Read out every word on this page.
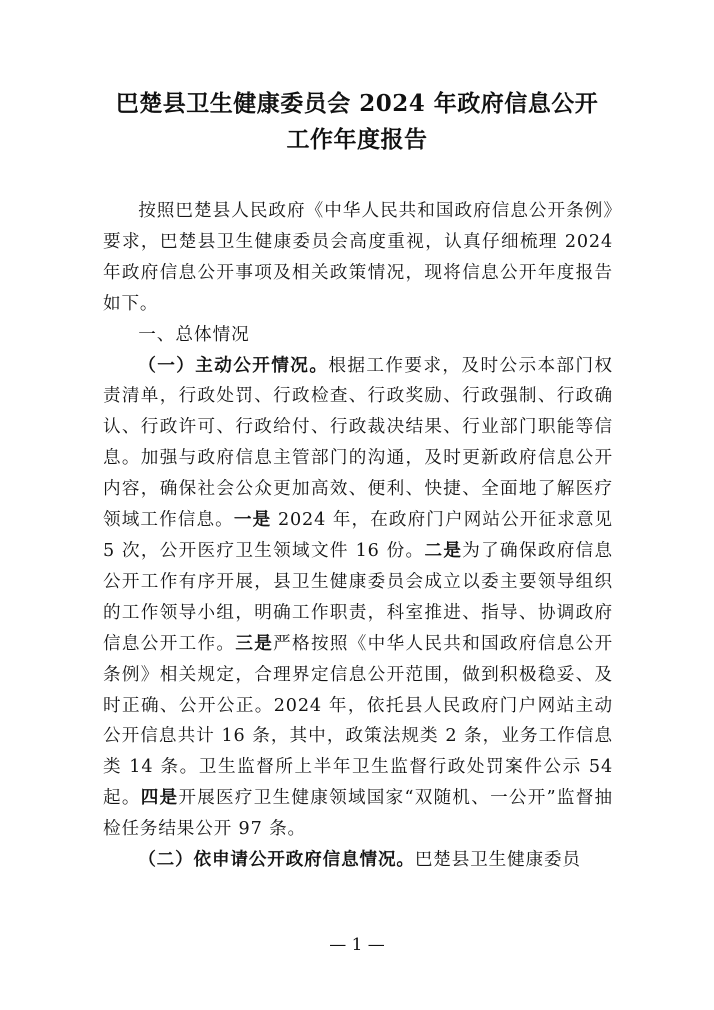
巴楚县卫生健康委员会 2024 年政府信息公开
工作年度报告

按照巴楚县人民政府《中华人民共和国政府信息公开条例》要求，巴楚县卫生健康委员会高度重视，认真仔细梳理 2024 年政府信息公开事项及相关政策情况，现将信息公开年度报告如下。

一、总体情况

（一）主动公开情况。根据工作要求，及时公示本部门权责清单，行政处罚、行政检查、行政奖励、行政强制、行政确认、行政许可、行政给付、行政裁决结果、行业部门职能等信息。加强与政府信息主管部门的沟通，及时更新政府信息公开内容，确保社会公众更加高效、便利、快捷、全面地了解医疗领域工作信息。一是 2024 年，在政府门户网站公开征求意见 5 次，公开医疗卫生领域文件 16 份。二是为了确保政府信息公开工作有序开展，县卫生健康委员会成立以委主要领导组织的工作领导小组，明确工作职责，科室推进、指导、协调政府信息公开工作。三是严格按照《中华人民共和国政府信息公开条例》相关规定，合理界定信息公开范围，做到积极稳妥、及时正确、公开公正。2024 年，依托县人民政府门户网站主动公开信息共计 16 条，其中，政策法规类 2 条，业务工作信息类 14 条。卫生监督所上半年卫生监督行政处罚案件公示 54 起。四是开展医疗卫生健康领域国家“双随机、一公开”监督抽检任务结果公开 97 条。

（二）依申请公开政府信息情况。巴楚县卫生健康委员

— 1 —
